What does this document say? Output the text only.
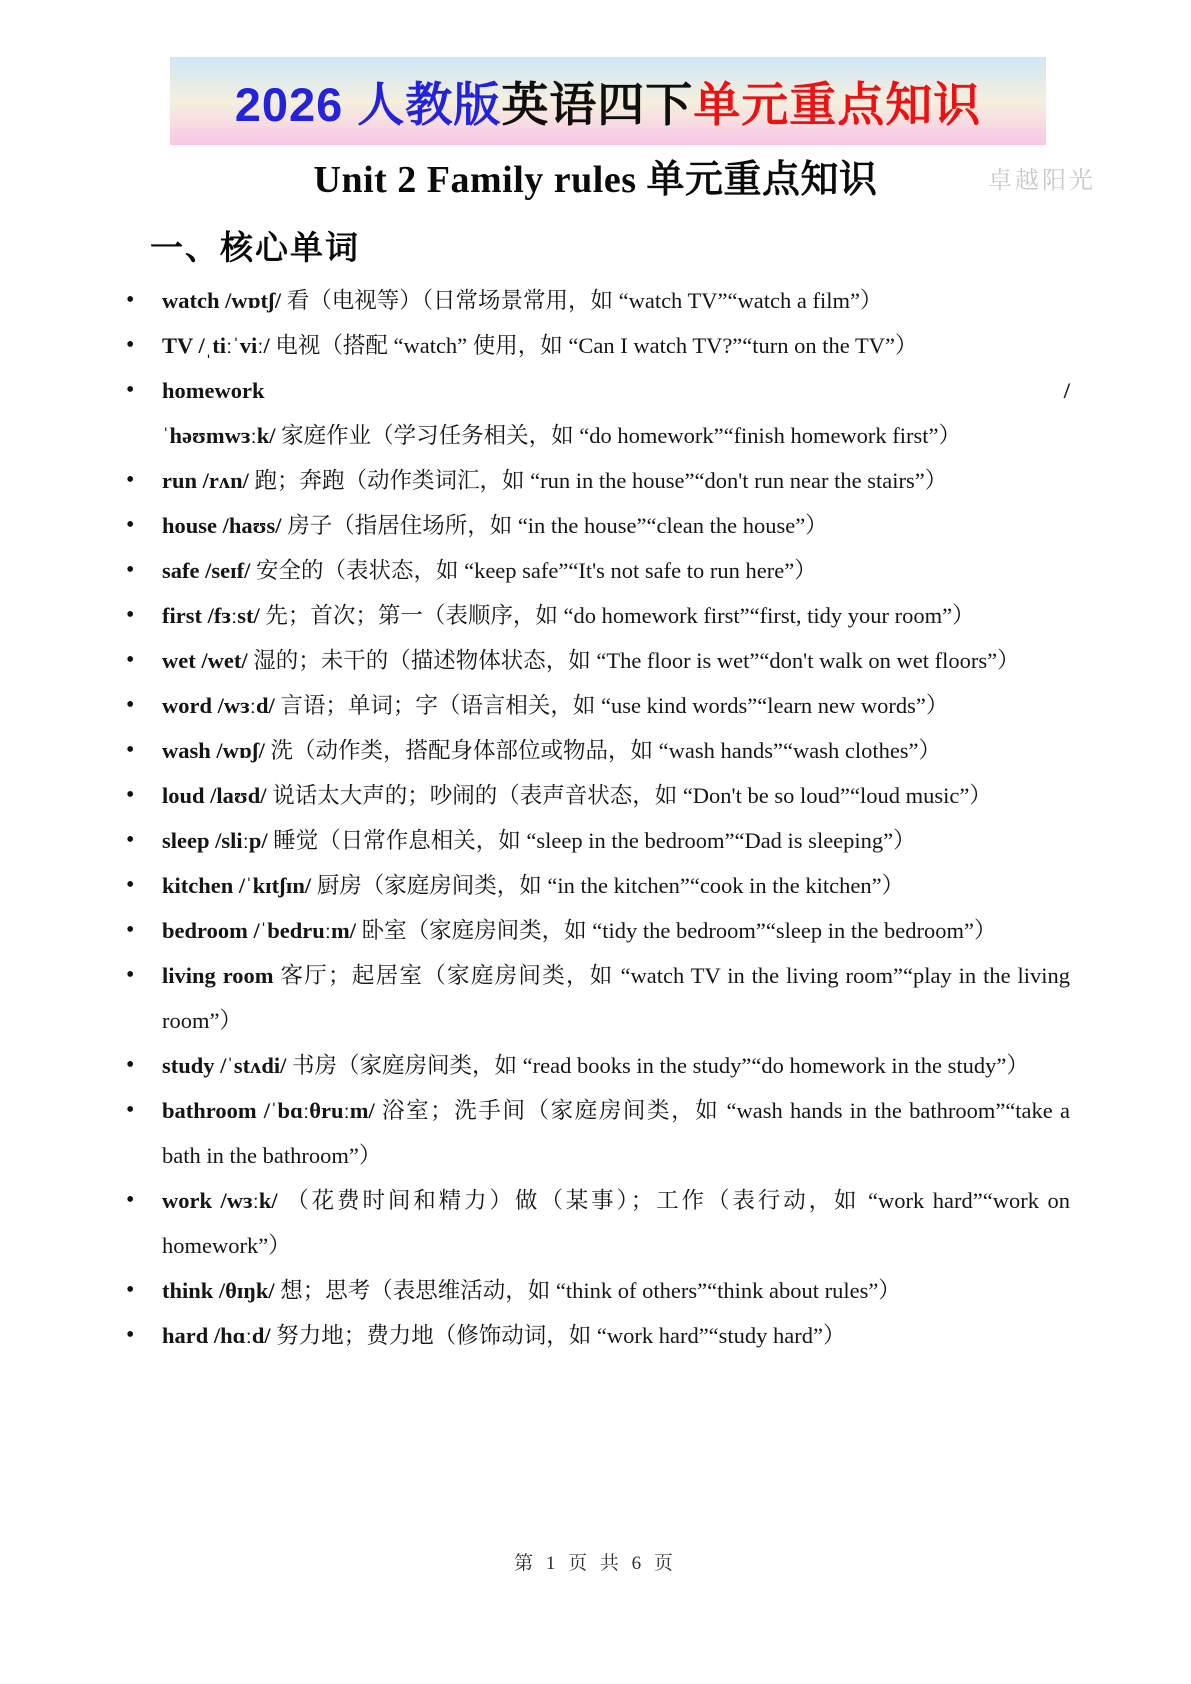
2026 人教版 英语四下 单元重点知识
Unit 2 Family rules 单元重点知识	卓越阳光
一、核心单词
• watch /wɒtʃ/ 看（电视等）（日常场景常用，如 “watch TV”“watch a film”）
• TV /ˌtiːˈviː/ 电视（搭配 “watch” 使用，如 “Can I watch TV?”“turn on the TV”）
• homework /ˈhəʊmwɜːk/ 家庭作业（学习任务相关，如 “do homework”“finish homework first”）
• run /rʌn/ 跑；奔跑（动作类词汇，如 “run in the house”“don't run near the stairs”）
• house /haʊs/ 房子（指居住场所，如 “in the house”“clean the house”）
• safe /seɪf/ 安全的（表状态，如 “keep safe”“It's not safe to run here”）
• first /fɜːst/ 先；首次；第一（表顺序，如 “do homework first”“first, tidy your room”）
• wet /wet/ 湿的；未干的（描述物体状态，如 “The floor is wet”“don't walk on wet floors”）
• word /wɜːd/ 言语；单词；字（语言相关，如 “use kind words”“learn new words”）
• wash /wɒʃ/ 洗（动作类，搭配身体部位或物品，如 “wash hands”“wash clothes”）
• loud /laʊd/ 说话太大声的；吵闹的（表声音状态，如 “Don't be so loud”“loud music”）
• sleep /sliːp/ 睡觉（日常作息相关，如 “sleep in the bedroom”“Dad is sleeping”）
• kitchen /ˈkɪtʃɪn/ 厨房（家庭房间类，如 “in the kitchen”“cook in the kitchen”）
• bedroom /ˈbedruːm/ 卧室（家庭房间类，如 “tidy the bedroom”“sleep in the bedroom”）
• living room 客厅；起居室（家庭房间类，如 “watch TV in the living room”“play in the living room”）
• study /ˈstʌdi/ 书房（家庭房间类，如 “read books in the study”“do homework in the study”）
• bathroom /ˈbɑːθruːm/ 浴室；洗手间（家庭房间类，如 “wash hands in the bathroom”“take a bath in the bathroom”）
• work /wɜːk/ （花费时间和精力）做（某事）；工作（表行动，如 “work hard”“work on homework”）
• think /θɪŋk/ 想；思考（表思维活动，如 “think of others”“think about rules”）
• hard /hɑːd/ 努力地；费力地（修饰动词，如 “work hard”“study hard”）
第 1 页 共 6 页
